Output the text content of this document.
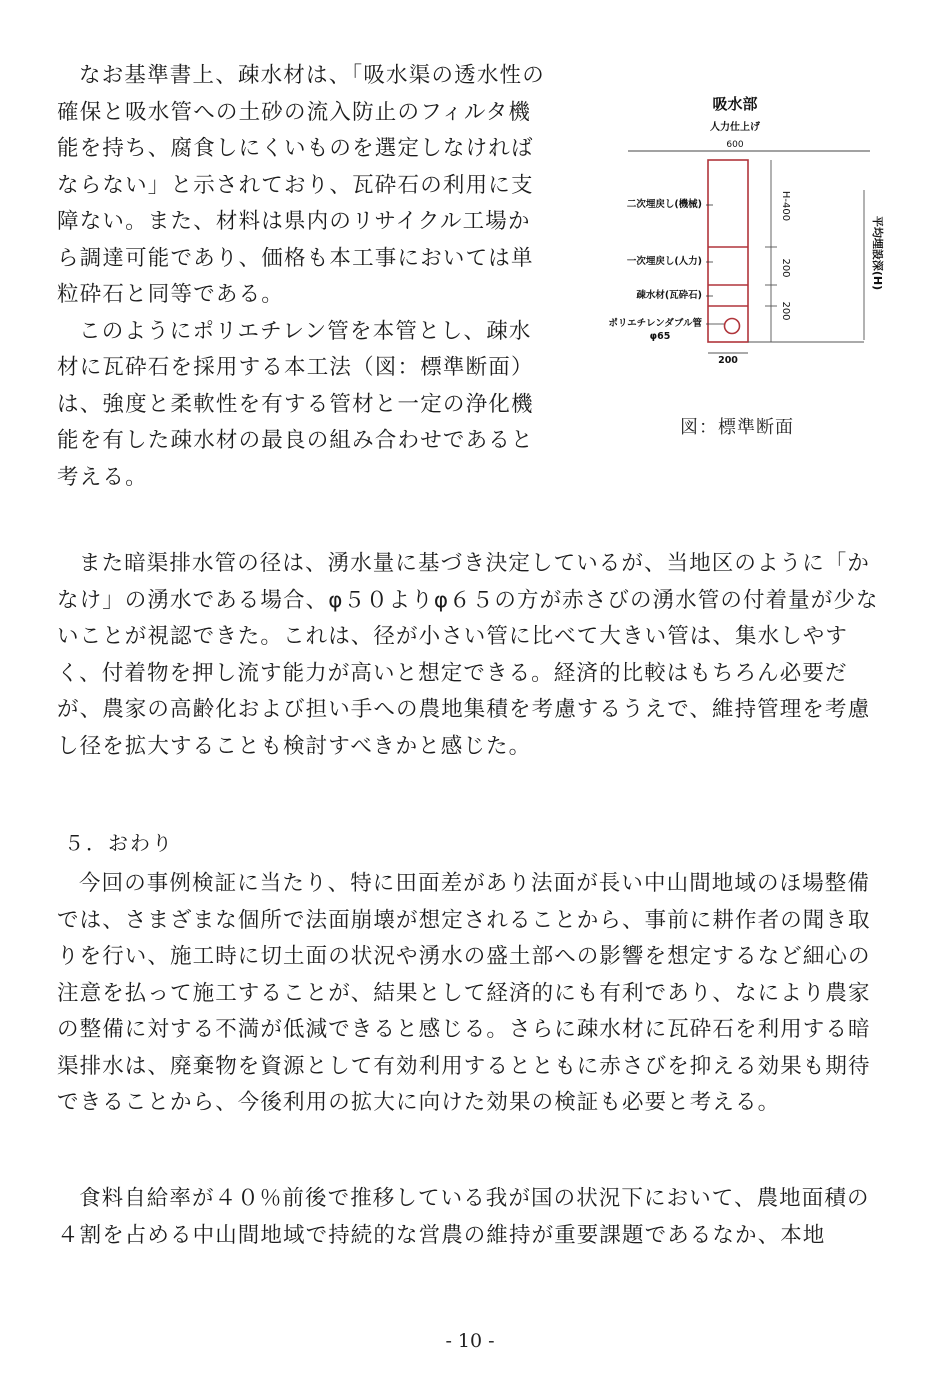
なお基準書上、疎水材は、「吸水渠の透水性の確保と吸水管への土砂の流入防止のフィルタ機能を持ち、腐食しにくいものを選定しなければならない」と示されており、瓦砕石の利用に支障ない。また、材料は県内のリサイクル工場から調達可能であり、価格も本工事においては単粒砕石と同等である。

このようにポリエチレン管を本管とし、疎水材に瓦砕石を採用する本工法（図：標準断面）は、強度と柔軟性を有する管材と一定の浄化機能を有した疎水材の最良の組み合わせであると考える。

吸水部
人力仕上げ
600
二次埋戻し(機械)
一次埋戻し(人力)
疎水材(瓦砕石)
ポリエチレンダブル管
φ65
H-400
200
200
平均埋設深(H)
200
図：標準断面

また暗渠排水管の径は、湧水量に基づき決定しているが、当地区のように「かなけ」の湧水である場合、φ５０よりφ６５の方が赤さびの湧水管の付着量が少ないことが視認できた。これは、径が小さい管に比べて大きい管は、集水しやすく、付着物を押し流す能力が高いと想定できる。経済的比較はもちろん必要だが、農家の高齢化および担い手への農地集積を考慮するうえで、維持管理を考慮し径を拡大することも検討すべきかと感じた。

５．おわり

今回の事例検証に当たり、特に田面差があり法面が長い中山間地域のほ場整備では、さまざまな個所で法面崩壊が想定されることから、事前に耕作者の聞き取りを行い、施工時に切土面の状況や湧水の盛土部への影響を想定するなど細心の注意を払って施工することが、結果として経済的にも有利であり、なにより農家の整備に対する不満が低減できると感じる。さらに疎水材に瓦砕石を利用する暗渠排水は、廃棄物を資源として有効利用するとともに赤さびを抑える効果も期待できることから、今後利用の拡大に向けた効果の検証も必要と考える。

食料自給率が４０％前後で推移している我が国の状況下において、農地面積の４割を占める中山間地域で持続的な営農の維持が重要課題であるなか、本地

- 10 -
